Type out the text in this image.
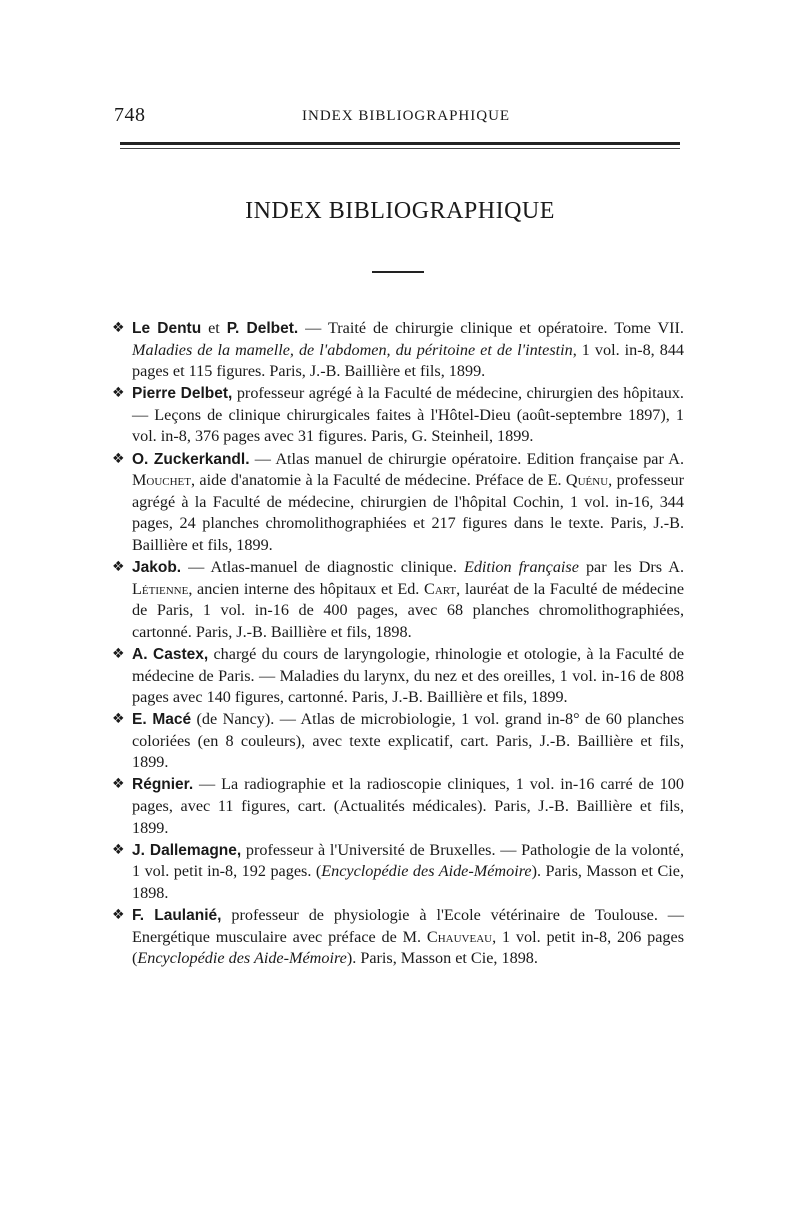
748	INDEX BIBLIOGRAPHIQUE
INDEX BIBLIOGRAPHIQUE

❖ Le Dentu et P. Delbet. — Traité de chirurgie clinique et opératoire. Tome VII. Maladies de la mamelle, de l'abdomen, du péritoine et de l'intestin, 1 vol. in-8, 844 pages et 115 figures. Paris, J.-B. Baillière et fils, 1899.

❖ Pierre Delbet, professeur agrégé à la Faculté de médecine, chirurgien des hôpitaux. — Leçons de clinique chirurgicales faites à l'Hôtel-Dieu (août-septembre 1897), 1 vol. in-8, 376 pages avec 31 figures. Paris, G. Steinheil, 1899.

❖ O. Zuckerkandl. — Atlas manuel de chirurgie opératoire. Edition française par A. Mouchet, aide d'anatomie à la Faculté de médecine. Préface de E. Quénu, professeur agrégé à la Faculté de médecine, chirurgien de l'hôpital Cochin, 1 vol. in-16, 344 pages, 24 planches chromolithographiées et 217 figures dans le texte. Paris, J.-B. Baillière et fils, 1899.

❖ Jakob. — Atlas-manuel de diagnostic clinique. Edition française par les Drs A. Létienne, ancien interne des hôpitaux et Ed. Cart, lauréat de la Faculté de médecine de Paris, 1 vol. in-16 de 400 pages, avec 68 planches chromolithographiées, cartonné. Paris, J.-B. Baillière et fils, 1898.

❖ A. Castex, chargé du cours de laryngologie, rhinologie et otologie, à la Faculté de médecine de Paris. — Maladies du larynx, du nez et des oreilles, 1 vol. in-16 de 808 pages avec 140 figures, cartonné. Paris, J.-B. Baillière et fils, 1899.

❖ E. Macé (de Nancy). — Atlas de microbiologie, 1 vol. grand in-8° de 60 planches coloriées (en 8 couleurs), avec texte explicatif, cart. Paris, J.-B. Baillière et fils, 1899.

❖ Régnier. — La radiographie et la radioscopie cliniques, 1 vol. in-16 carré de 100 pages, avec 11 figures, cart. (Actualités médicales). Paris, J.-B. Baillière et fils, 1899.

❖ J. Dallemagne, professeur à l'Université de Bruxelles. — Pathologie de la volonté, 1 vol. petit in-8, 192 pages. (Encyclopédie des Aide-Mémoire). Paris, Masson et Cie, 1898.

❖ F. Laulanié, professeur de physiologie à l'Ecole vétérinaire de Toulouse. — Energétique musculaire avec préface de M. Chauveau, 1 vol. petit in-8, 206 pages (Encyclopédie des Aide-Mémoire). Paris, Masson et Cie, 1898.
